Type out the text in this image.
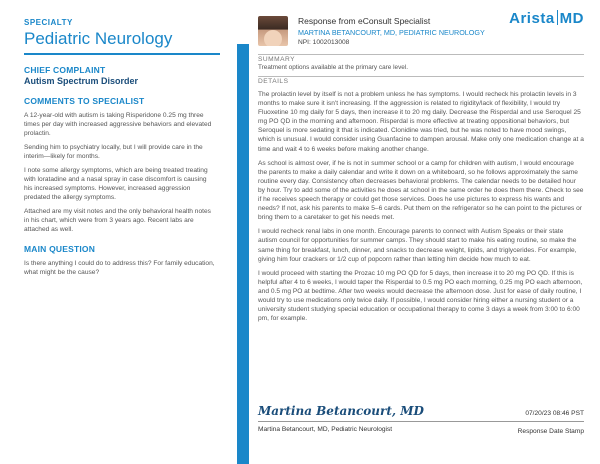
SPECIALTY
Pediatric Neurology
CHIEF COMPLAINT
Autism Spectrum Disorder
COMMENTS TO SPECIALIST
A 12-year-old with autism is taking Risperidone 0.25 mg three times per day with increased aggressive behaviors and elevated prolactin.
Sending him to psychiatry locally, but I will provide care in the interim—likely for months.
I note some allergy symptoms, which are being treated treating with loratadine and a nasal spray in case discomfort is causing his increased symptoms. However, increased aggression predated the allergy symptoms.
Attached are my visit notes and the only behavioral health notes in his chart, which were from 3 years ago. Recent labs are attached as well.
MAIN QUESTION
Is there anything I could do to address this? For family education, what might be the cause?
Arista MD
Response from eConsult Specialist
MARTINA BETANCOURT, MD, PEDIATRIC NEUROLOGY
NPI: 1002013008
SUMMARY
Treatment options available at the primary care level.
DETAILS

The prolactin level by itself is not a problem unless he has symptoms. I would recheck his prolactin levels in 3 months to make sure it isn't increasing. If the aggression is related to rigidity/lack of flexibility, I would try Fluoxetine 10 mg daily for 5 days, then increase it to 20 mg daily. Decrease the Risperdal and use Seroquel 25 mg PO QD in the morning and afternoon. Risperdal is more effective at treating oppositional behaviors, but Seroquel is more sedating it that is indicated. Clonidine was tried, but he was noted to have mood swings, which is unusual. I would consider using Guanfacine to dampen arousal. Make only one medication change at a time and wait 4 to 6 weeks before making another change.

As school is almost over, if he is not in summer school or a camp for children with autism, I would encourage the parents to make a daily calendar and write it down on a whiteboard, so he follows approximately the same routine every day. Consistency often decreases behavioral problems. The calendar needs to be detailed hour by hour. Try to add some of the activities he does at school in the same order he does them there. Check to see if he receives speech therapy or could get those services. Does he use pictures to express his wants and needs? If not, ask his parents to make 5–6 cards. Put them on the refrigerator so he can point to the pictures or bring them to a caretaker to get his needs met.

I would recheck renal labs in one month. Encourage parents to connect with Autism Speaks or their state autism council for opportunities for summer camps. They should start to make his eating routine, so make the same thing for breakfast, lunch, dinner, and snacks to decrease weight, lipids, and triglycerides. For example, giving him four crackers or 1/2 cup of popcorn rather than letting him decide how much to eat.

I would proceed with starting the Prozac 10 mg PO QD for 5 days, then increase it to 20 mg PO QD. If this is helpful after 4 to 6 weeks, I would taper the Risperdal to 0.5 mg PO each morning, 0.25 mg PO each afternoon, and 0.5 mg PO at bedtime. After two weeks would decrease the afternoon dose. Just for ease of daily routine, I would try to use medications only twice daily. If possible, I would consider hiring either a nursing student or a university student studying special education or occupational therapy to come 3 days a week from 3:00 to 6:00 pm, for example.

Martina Betancourt, MD	07/20/23 08:46 PST
Martina Betancourt, MD, Pediatric Neurologist	Response Date Stamp
